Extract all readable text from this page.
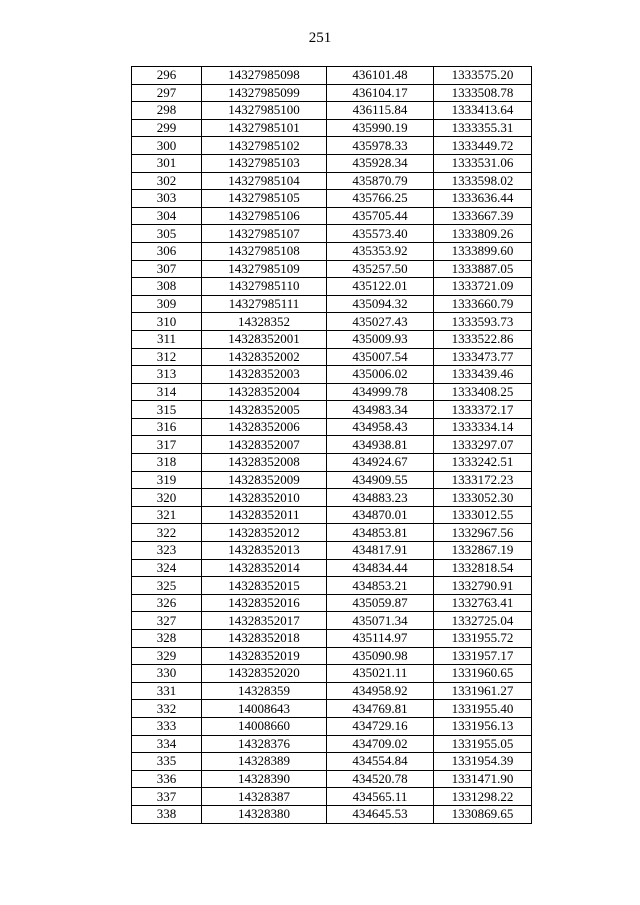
251
296	14327985098	436101.48	1333575.20
297	14327985099	436104.17	1333508.78
298	14327985100	436115.84	1333413.64
299	14327985101	435990.19	1333355.31
300	14327985102	435978.33	1333449.72
301	14327985103	435928.34	1333531.06
302	14327985104	435870.79	1333598.02
303	14327985105	435766.25	1333636.44
304	14327985106	435705.44	1333667.39
305	14327985107	435573.40	1333809.26
306	14327985108	435353.92	1333899.60
307	14327985109	435257.50	1333887.05
308	14327985110	435122.01	1333721.09
309	14327985111	435094.32	1333660.79
310	14328352	435027.43	1333593.73
311	14328352001	435009.93	1333522.86
312	14328352002	435007.54	1333473.77
313	14328352003	435006.02	1333439.46
314	14328352004	434999.78	1333408.25
315	14328352005	434983.34	1333372.17
316	14328352006	434958.43	1333334.14
317	14328352007	434938.81	1333297.07
318	14328352008	434924.67	1333242.51
319	14328352009	434909.55	1333172.23
320	14328352010	434883.23	1333052.30
321	14328352011	434870.01	1333012.55
322	14328352012	434853.81	1332967.56
323	14328352013	434817.91	1332867.19
324	14328352014	434834.44	1332818.54
325	14328352015	434853.21	1332790.91
326	14328352016	435059.87	1332763.41
327	14328352017	435071.34	1332725.04
328	14328352018	435114.97	1331955.72
329	14328352019	435090.98	1331957.17
330	14328352020	435021.11	1331960.65
331	14328359	434958.92	1331961.27
332	14008643	434769.81	1331955.40
333	14008660	434729.16	1331956.13
334	14328376	434709.02	1331955.05
335	14328389	434554.84	1331954.39
336	14328390	434520.78	1331471.90
337	14328387	434565.11	1331298.22
338	14328380	434645.53	1330869.65
